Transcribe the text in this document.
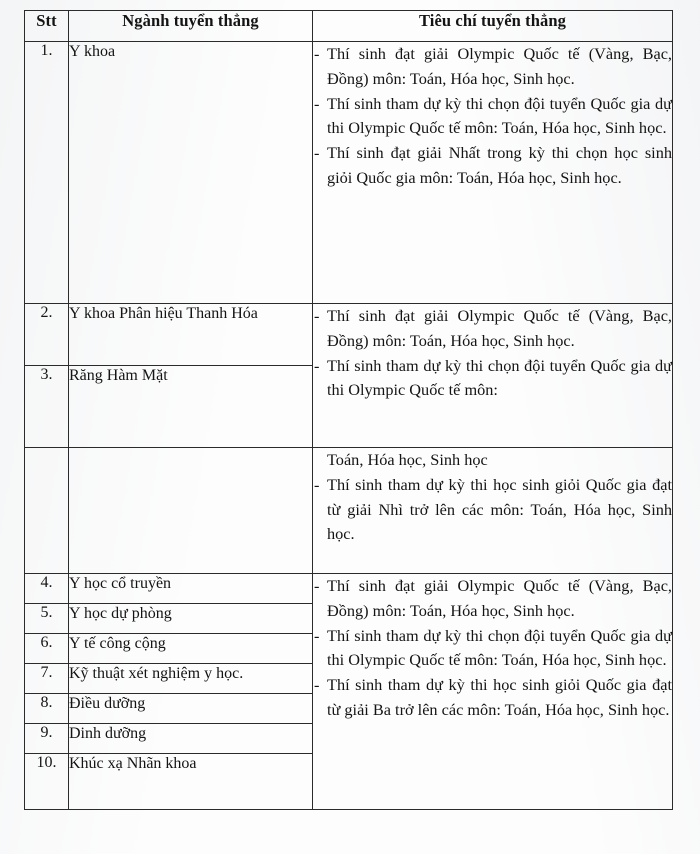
Stt	Ngành tuyển thẳng	Tiêu chí tuyển thẳng
1.	Y khoa	- Thí sinh đạt giải Olympic Quốc tế (Vàng, Bạc, Đồng) môn: Toán, Hóa học, Sinh học.
- Thí sinh tham dự kỳ thi chọn đội tuyển Quốc gia dự thi Olympic Quốc tế môn: Toán, Hóa học, Sinh học.
- Thí sinh đạt giải Nhất trong kỳ thi chọn học sinh giỏi Quốc gia môn: Toán, Hóa học, Sinh học.

2.	Y khoa Phân hiệu Thanh Hóa	- Thí sinh đạt giải Olympic Quốc tế (Vàng, Bạc, Đồng) môn: Toán, Hóa học, Sinh học.
- Thí sinh tham dự kỳ thi chọn đội tuyển Quốc gia dự thi Olympic Quốc tế môn:

3.	Răng Hàm Mặt	

		Toán, Hóa học, Sinh học
- Thí sinh tham dự kỳ thi học sinh giỏi Quốc gia đạt từ giải Nhì trở lên các môn: Toán, Hóa học, Sinh học.

4.	Y học cổ truyền	- Thí sinh đạt giải Olympic Quốc tế (Vàng, Bạc, Đồng) môn: Toán, Hóa học, Sinh học.
- Thí sinh tham dự kỳ thi chọn đội tuyển Quốc gia dự thi Olympic Quốc tế môn: Toán, Hóa học, Sinh học.
- Thí sinh tham dự kỳ thi học sinh giỏi Quốc gia đạt từ giải Ba trở lên các môn: Toán, Hóa học, Sinh học.

5.	Y học dự phòng	
6.	Y tế công cộng	
7.	Kỹ thuật xét nghiệm y học.	
8.	Điều dưỡng	
9.	Dinh dưỡng	
10.	Khúc xạ Nhãn khoa	
